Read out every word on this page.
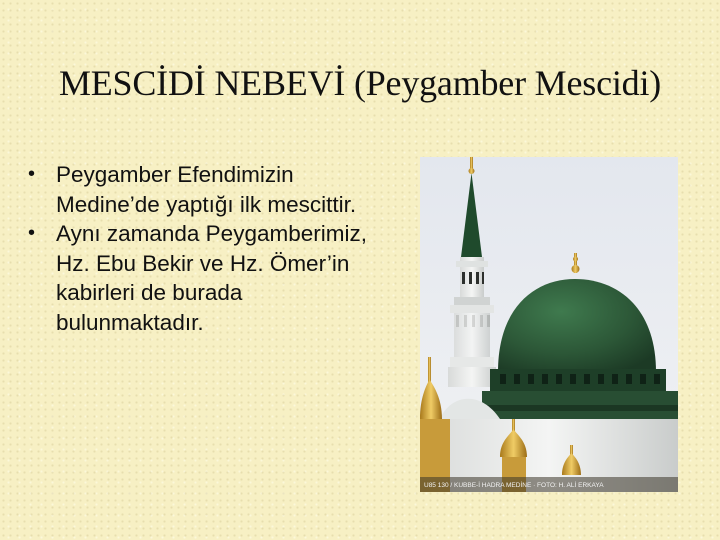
MESCİDİ NEBEVİ (Peygamber Mescidi)
• Peygamber Efendimizin Medine’de yaptığı ilk mescittir.
• Aynı zamanda Peygamberimiz, Hz. Ebu Bekir ve Hz. Ömer’in kabirleri de burada bulunmaktadır.
U85 130 / KUBBE-İ HADRA MEDİNE · FOTO: H. ALİ ERKAYA
